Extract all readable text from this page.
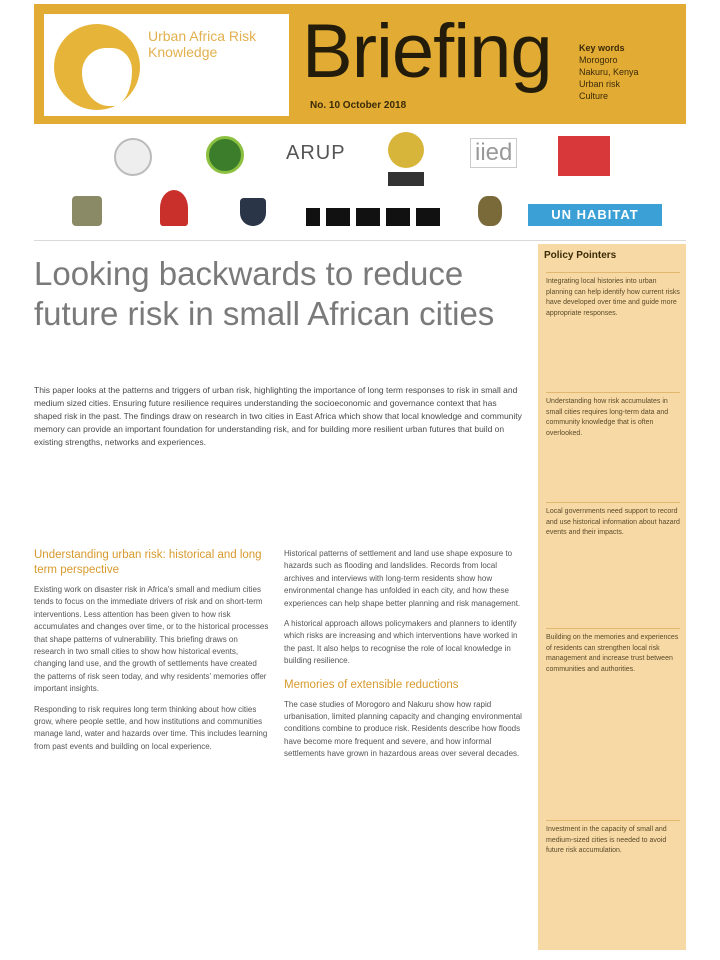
Urban Africa Risk Knowledge	Briefing
No. 10 October 2018
Key words
Morogoro
Nakuru, Kenya
Urban risk
Culture
ARUP	iied
UN HABITAT
Looking backwards to reduce future risk in small African cities
This paper looks at the patterns and triggers of urban risk, highlighting the importance of long term responses to risk in small and medium sized cities. Ensuring future resilience requires understanding the socioeconomic and governance context that has shaped risk in the past. The findings draw on research in two cities in East Africa which show that local knowledge and community memory can provide an important foundation for understanding risk, and for building more resilient urban futures that build on existing strengths, networks and experiences.
Understanding urban risk: historical and long term perspective

Existing work on disaster risk in Africa's small and medium cities tends to focus on the immediate drivers of risk and on short-term interventions. Less attention has been given to how risk accumulates and changes over time, or to the historical processes that shape patterns of vulnerability. This briefing draws on research in two small cities to show how historical events, changing land use, and the growth of settlements have created the patterns of risk seen today, and why residents' memories offer important insights.

Responding to risk requires long term thinking about how cities grow, where people settle, and how institutions and communities manage land, water and hazards over time. This includes learning from past events and building on local experience.

Historical patterns of settlement and land use shape exposure to hazards such as flooding and landslides. Records from local archives and interviews with long-term residents show how environmental change has unfolded in each city, and how these experiences can help shape better planning and risk management.

A historical approach allows policymakers and planners to identify which risks are increasing and which interventions have worked in the past. It also helps to recognise the role of local knowledge in building resilience.

Memories of extensible reductions

The case studies of Morogoro and Nakuru show how rapid urbanisation, limited planning capacity and changing environmental conditions combine to produce risk. Residents describe how floods have become more frequent and severe, and how informal settlements have grown in hazardous areas over several decades.

Policy Pointers
Integrating local histories into urban planning can help identify how current risks have developed over time and guide more appropriate responses.
Understanding how risk accumulates in small cities requires long-term data and community knowledge that is often overlooked.
Local governments need support to record and use historical information about hazard events and their impacts.
Building on the memories and experiences of residents can strengthen local risk management and increase trust between communities and authorities.
Investment in the capacity of small and medium-sized cities is needed to avoid future risk accumulation.
